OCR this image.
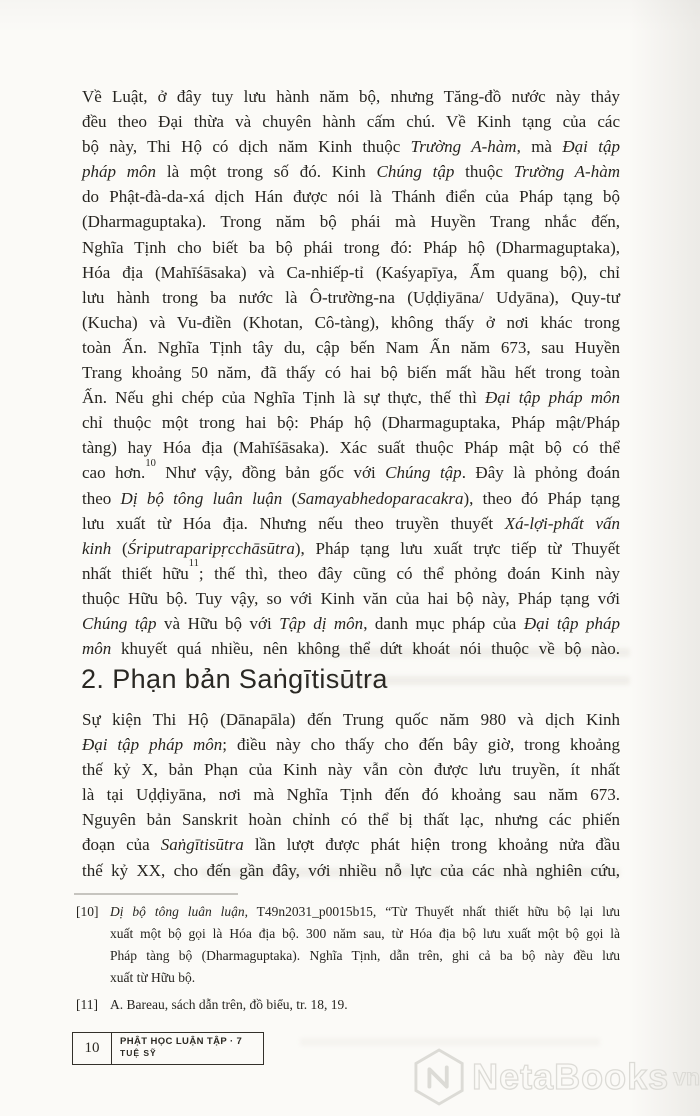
Về Luật, ở đây tuy lưu hành năm bộ, nhưng Tăng-đồ nước này thảy
đều theo Đại thừa và chuyên hành cấm chú. Về Kinh tạng của các
bộ này, Thi Hộ có dịch năm Kinh thuộc Trường A-hàm, mà Đại tập
pháp môn là một trong số đó. Kinh Chúng tập thuộc Trường A-hàm
do Phật-đà-da-xá dịch Hán được nói là Thánh điển của Pháp tạng bộ
(Dharmaguptaka). Trong năm bộ phái mà Huyền Trang nhắc đến,
Nghĩa Tịnh cho biết ba bộ phái trong đó: Pháp hộ (Dharmaguptaka),
Hóa địa (Mahīśāsaka) và Ca-nhiếp-tỉ (Kaśyapīya, Ẩm quang bộ), chỉ
lưu hành trong ba nước là Ô-trường-na (Uḍḍiyāna/ Udyāna), Quy-tư
(Kucha) và Vu-điền (Khotan, Cô-tàng), không thấy ở nơi khác trong
toàn Ấn. Nghĩa Tịnh tây du, cập bến Nam Ấn năm 673, sau Huyền
Trang khoảng 50 năm, đã thấy có hai bộ biến mất hầu hết trong toàn
Ấn. Nếu ghi chép của Nghĩa Tịnh là sự thực, thế thì Đại tập pháp môn
chỉ thuộc một trong hai bộ: Pháp hộ (Dharmaguptaka, Pháp mật/Pháp
tàng) hay Hóa địa (Mahīśāsaka). Xác suất thuộc Pháp mật bộ có thể
cao hơn.$^{10}$ Như vậy, đồng bản gốc với Chúng tập. Đây là phỏng đoán
theo Dị bộ tông luân luận (Samayabhedoparacakra), theo đó Pháp tạng
lưu xuất từ Hóa địa. Nhưng nếu theo truyền thuyết Xá-lợi-phất vấn
kinh (Śriputraparipṛcchāsūtra), Pháp tạng lưu xuất trực tiếp từ Thuyết
nhất thiết hữu$^{11}$; thế thì, theo đây cũng có thể phỏng đoán Kinh này
thuộc Hữu bộ. Tuy vậy, so với Kinh văn của hai bộ này, Pháp tạng với
Chúng tập và Hữu bộ với Tập dị môn, danh mục pháp của Đại tập pháp
môn khuyết quá nhiều, nên không thể dứt khoát nói thuộc về bộ nào.
2. Phạn bản Saṅgītisūtra
Sự kiện Thi Hộ (Dānapāla) đến Trung quốc năm 980 và dịch Kinh
Đại tập pháp môn; điều này cho thấy cho đến bây giờ, trong khoảng
thế kỷ X, bản Phạn của Kinh này vẫn còn được lưu truyền, ít nhất
là tại Uḍḍiyāna, nơi mà Nghĩa Tịnh đến đó khoảng sau năm 673.
Nguyên bản Sanskrit hoàn chỉnh có thể bị thất lạc, nhưng các phiến
đoạn của Saṅgītisūtra lần lượt được phát hiện trong khoảng nửa đầu
thế kỷ XX, cho đến gần đây, với nhiều nỗ lực của các nhà nghiên cứu,
[10] Dị bộ tông luân luận, T49n2031_p0015b15, “Từ Thuyết nhất thiết hữu bộ lại lưu
xuất một bộ gọi là Hóa địa bộ. 300 năm sau, từ Hóa địa bộ lưu xuất một bộ gọi là
Pháp tàng bộ (Dharmaguptaka). Nghĩa Tịnh, dẫn trên, ghi cả ba bộ này đều lưu
xuất từ Hữu bộ.
[11] A. Bareau, sách dẫn trên, đồ biểu, tr. 18, 19.
10	PHẬT HỌC LUẬN TẬP · 7
TUỆ SỸ
NetaBooks vn
